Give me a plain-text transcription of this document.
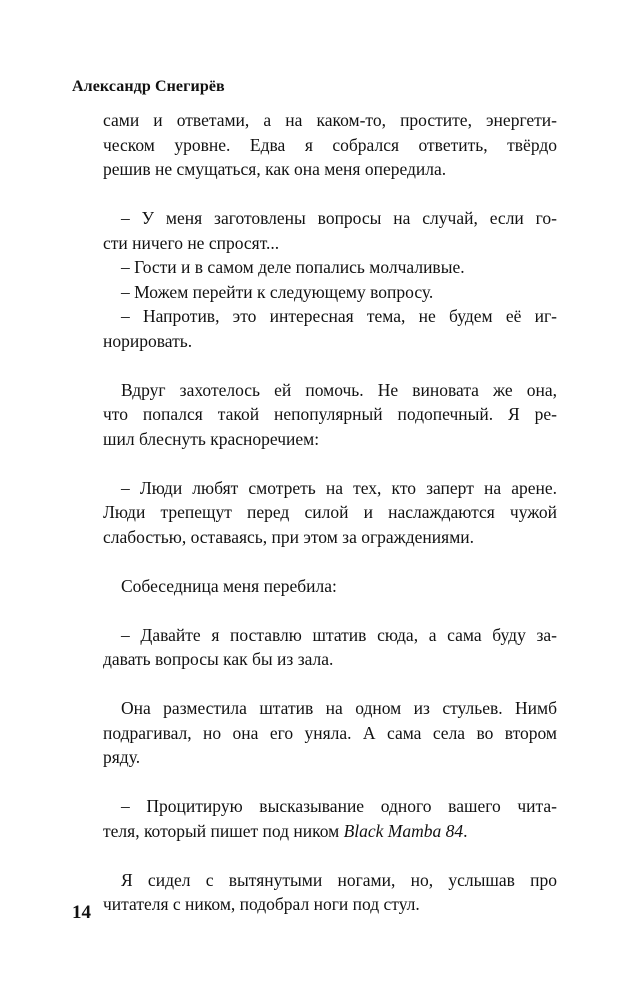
Александр Снегирёв
сами и ответами, а на каком-то, простите, энергети-
ческом уровне. Едва я собрался ответить, твёрдо
решив не смущаться, как она меня опередила.
– У меня заготовлены вопросы на случай, если го-
сти ничего не спросят...
– Гости и в самом деле попались молчаливые.
– Можем перейти к следующему вопросу.
– Напротив, это интересная тема, не будем её иг-
норировать.
Вдруг захотелось ей помочь. Не виновата же она,
что попался такой непопулярный подопечный. Я ре-
шил блеснуть красноречием:
– Люди любят смотреть на тех, кто заперт на арене.
Люди трепещут перед силой и наслаждаются чужой
слабостью, оставаясь, при этом за ограждениями.
Собеседница меня перебила:
– Давайте я поставлю штатив сюда, а сама буду за-
давать вопросы как бы из зала.
Она разместила штатив на одном из стульев. Нимб
подрагивал, но она его уняла. А сама села во втором
ряду.
– Процитирую высказывание одного вашего чита-
теля, который пишет под ником Black Mamba 84.
Я сидел с вытянутыми ногами, но, услышав про
читателя с ником, подобрал ноги под стул.
14
